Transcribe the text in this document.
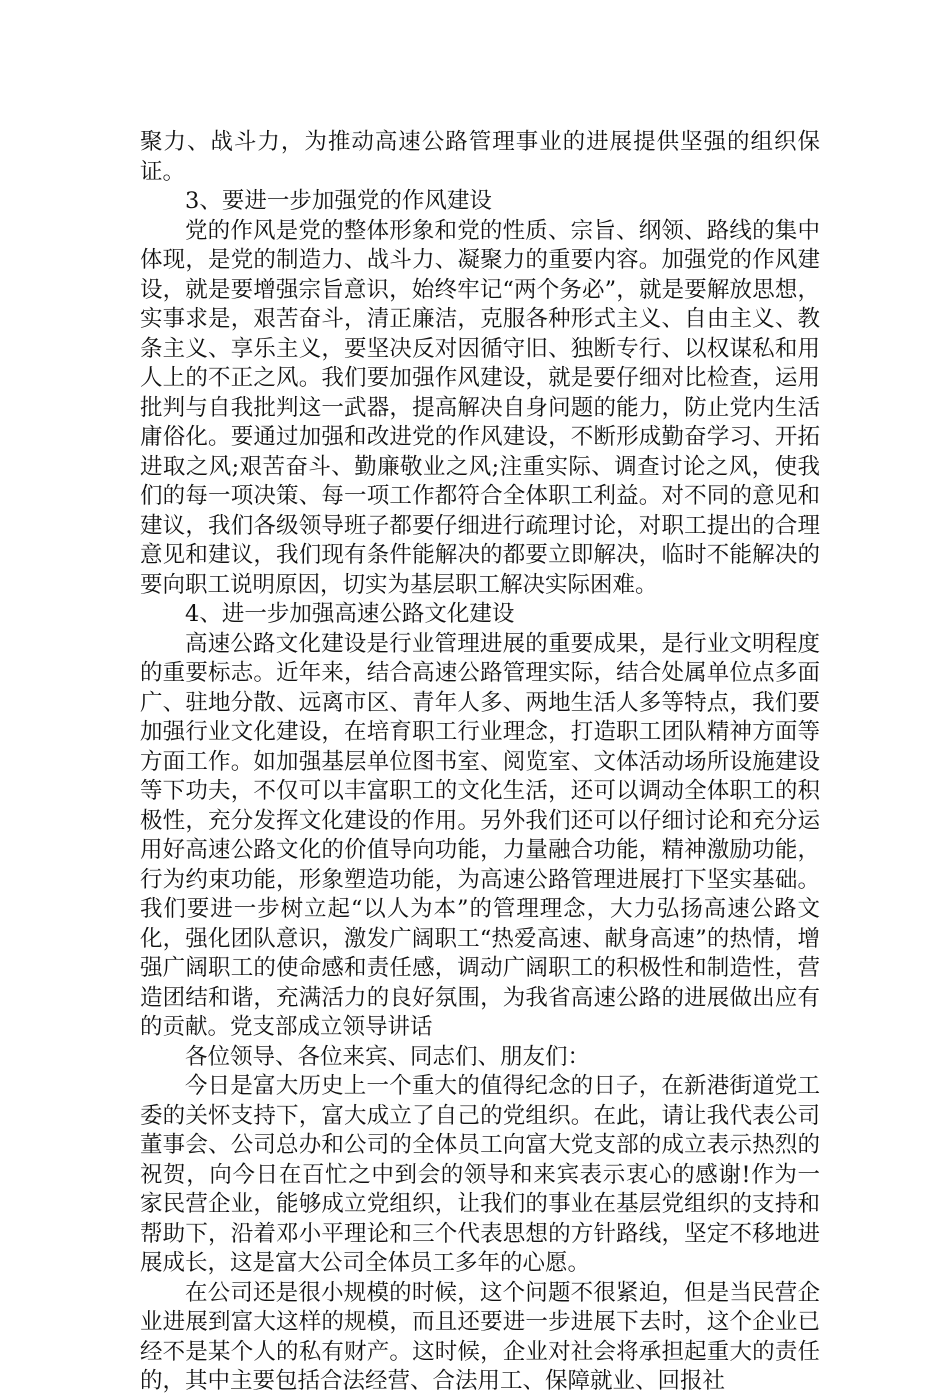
聚力、战斗力，为推动高速公路管理事业的进展提供坚强的组织保证。

3、要进一步加强党的作风建设

党的作风是党的整体形象和党的性质、宗旨、纲领、路线的集中体现，是党的制造力、战斗力、凝聚力的重要内容。加强党的作风建设，就是要增强宗旨意识，始终牢记“两个务必”，就是要解放思想，实事求是，艰苦奋斗，清正廉洁，克服各种形式主义、自由主义、教条主义、享乐主义，要坚决反对因循守旧、独断专行、以权谋私和用人上的不正之风。我们要加强作风建设，就是要仔细对比检查，运用批判与自我批判这一武器，提高解决自身问题的能力，防止党内生活庸俗化。要通过加强和改进党的作风建设，不断形成勤奋学习、开拓进取之风;艰苦奋斗、勤廉敬业之风;注重实际、调查讨论之风，使我们的每一项决策、每一项工作都符合全体职工利益。对不同的意见和建议，我们各级领导班子都要仔细进行疏理讨论，对职工提出的合理意见和建议，我们现有条件能解决的都要立即解决，临时不能解决的要向职工说明原因，切实为基层职工解决实际困难。

4、进一步加强高速公路文化建设

高速公路文化建设是行业管理进展的重要成果，是行业文明程度的重要标志。近年来，结合高速公路管理实际，结合处属单位点多面广、驻地分散、远离市区、青年人多、两地生活人多等特点，我们要加强行业文化建设，在培育职工行业理念，打造职工团队精神方面等方面工作。如加强基层单位图书室、阅览室、文体活动场所设施建设等下功夫，不仅可以丰富职工的文化生活，还可以调动全体职工的积极性，充分发挥文化建设的作用。另外我们还可以仔细讨论和充分运用好高速公路文化的价值导向功能，力量融合功能，精神激励功能，行为约束功能，形象塑造功能，为高速公路管理进展打下坚实基础。我们要进一步树立起“以人为本”的管理理念，大力弘扬高速公路文化，强化团队意识，激发广阔职工“热爱高速、献身高速”的热情，增强广阔职工的使命感和责任感，调动广阔职工的积极性和制造性，营造团结和谐，充满活力的良好氛围，为我省高速公路的进展做出应有的贡献。党支部成立领导讲话

各位领导、各位来宾、同志们、朋友们：

今日是富大历史上一个重大的值得纪念的日子，在新港街道党工委的关怀支持下，富大成立了自己的党组织。在此，请让我代表公司董事会、公司总办和公司的全体员工向富大党支部的成立表示热烈的祝贺，向今日在百忙之中到会的领导和来宾表示衷心的感谢!作为一家民营企业，能够成立党组织，让我们的事业在基层党组织的支持和帮助下，沿着邓小平理论和三个代表思想的方针路线，坚定不移地进展成长，这是富大公司全体员工多年的心愿。

在公司还是很小规模的时候，这个问题不很紧迫，但是当民营企业进展到富大这样的规模，而且还要进一步进展下去时，这个企业已经不是某个人的私有财产。这时候，企业对社会将承担起重大的责任的，其中主要包括合法经营、合法用工、保障就业、回报社
